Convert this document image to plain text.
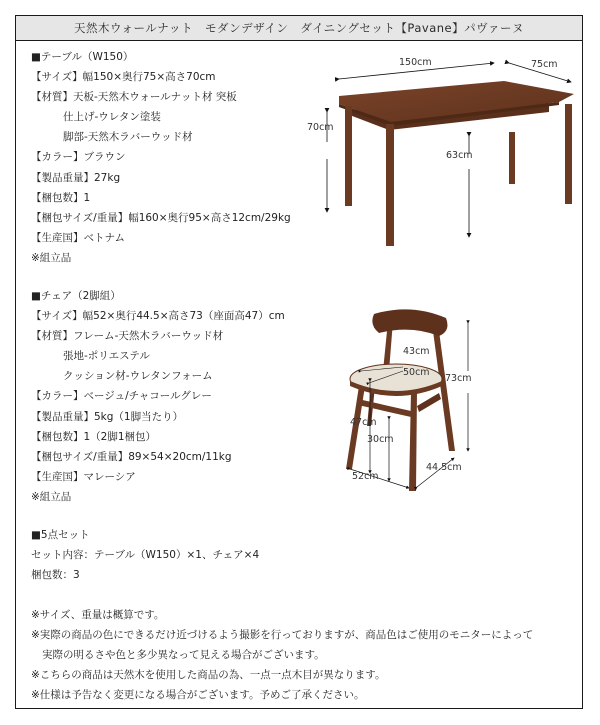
天然木ウォールナット　モダンデザイン　ダイニングセット【Pavane】パヴァーヌ
■テーブル（W150）
【サイズ】幅150×奥行75×高さ70cm
【材質】天板-天然木ウォールナット材 突板
仕上げ-ウレタン塗装
脚部-天然木ラバーウッド材
【カラー】ブラウン
【製品重量】27kg
【梱包数】1
【梱包サイズ/重量】幅160×奥行95×高さ12cm/29kg
【生産国】ベトナム
※組立品
150cm	75cm
70cm
63cm
■チェア（2脚組）
【サイズ】幅52×奥行44.5×高さ73（座面高47）cm
【材質】フレーム-天然木ラバーウッド材
張地-ポリエステル
クッション材-ウレタンフォーム
【カラー】ベージュ/チャコールグレー
【製品重量】5kg（1脚当たり）
【梱包数】1（2脚1梱包）
【梱包サイズ/重量】89×54×20cm/11kg
【生産国】マレーシア
※組立品
43cm
50cm
73cm
47cm
30cm
52cm
44.5cm
■5点セット
セット内容：テーブル（W150）×1、チェア×4
梱包数：3
※サイズ、重量は概算です。
※実際の商品の色にできるだけ近づけるよう撮影を行っておりますが、商品色はご使用のモニターによって
実際の明るさや色と多少異なって見える場合がございます。
※こちらの商品は天然木を使用した商品の為、一点一点木目が異なります。
※仕様は予告なく変更になる場合がございます。予めご了承ください。
